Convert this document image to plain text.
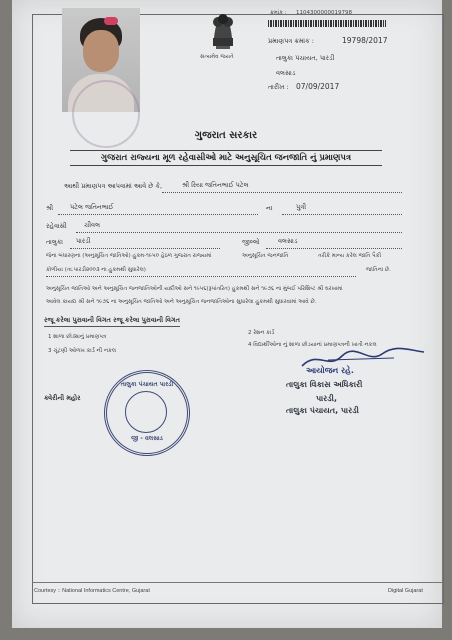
સત્યમેવ જયતે
ક્રમાંક : 1104300000019798
પ્રમાણપત્ર ક્રમાંક :	19798/2017
તાલુકા પંચાયત, પારડી
વલસાડ
તારીખ : 07/09/2017
ગુજરાત સરકાર
ગુજરાત રાજ્યના મૂળ રહેવાસીઓ માટે અનુસૂચિત જનજાતિ નું પ્રમાણપત્ર
આથી પ્રમાણપત્ર આપવામાં આવે છે કે,	શ્રી રિયા જતિનભાઈ પટેલ
શ્રી	પટેલ જતિનભાઈ	ના	પુત્રી
રહેવાસી	ચીવલ
તાલુકા પારડી	જીલ્લો	વલસાડ
જેના બંધારણના (અનુસૂચિત જાતિઓ) હુકમ-૧૯૫૦ હેઠળ ગુજરાત રાજ્યમાં	અનુસૂચિત જનજાતિ	તરીકે માન્ય કરેલ જાતિ પૈકી
કોળીયા (તા.પારડી૨૦૦૩ ના હુકમથી સુધારેલ)	જાતિના છે.
અનુસૂચિત જાતિઓ અને અનુસૂચિત જનજાતિઓની યાદીઓ સને ૧૯૫૬(રૂપાંતરિત) હુકમથી સને ૧૯૭૬ ના મુંબઈ પરિશિષ્ટ શ્રી ઘરખામાં
આવેલ કાયદા શ્રી સને ૧૯૭૬ ના અનુસૂચિત જાતિઓ અને અનુસૂચિત જનજાતિઓના સુધારેલા હુકમથી સુધારવામાં આવે છે.
રજૂ કરેલા પુરાવાની વિગત રજૂ કરેલા પુરાવાની વિગત
1 શાળા છોડ્યાનું પ્રમાણપત્ર
2 રેશન કાર્ડ
3 ચૂંટણી ઓળખ કાર્ડ ની નકલ
4 વિદ્યાર્થીઓના નું શાળા છોડયાનાં પ્રમાણપત્રની ખાતી નકલ
આયોજન રહે.
તાલુકા વિકાસ અધિકારી
પારડી,
તાલુકા પંચાયત, પારડી
ક્વેરીની મહોર
તાલુકા પંચાયત પારડી
જી - વલસાડ
Courtesy :: National Informatics Centre, Gujarat	Digital Gujarat
